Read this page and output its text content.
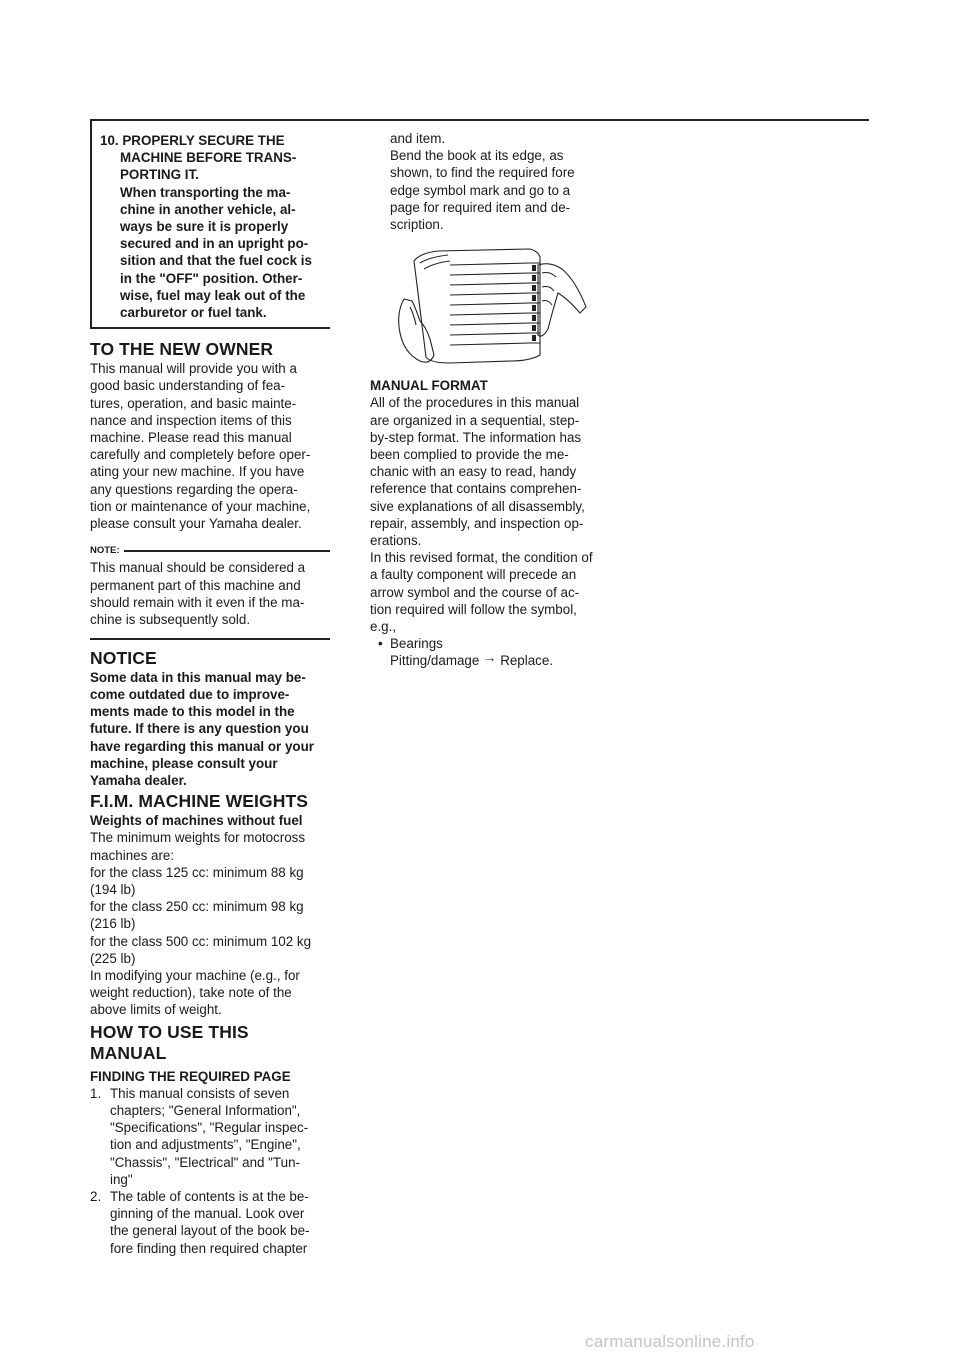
10. PROPERLY SECURE THE
MACHINE BEFORE TRANS-
PORTING IT.
When transporting the ma-
chine in another vehicle, al-
ways be sure it is properly
secured and in an upright po-
sition and that the fuel cock is
in the "OFF" position. Other-
wise, fuel may leak out of the
carburetor or fuel tank.
TO THE NEW OWNER

This manual will provide you with a

good basic understanding of fea-

tures, operation, and basic mainte-

nance and inspection items of this

machine. Please read this manual

carefully and completely before oper-

ating your new machine. If you have

any questions regarding the opera-

tion or maintenance of your machine,

please consult your Yamaha dealer.

NOTE:

This manual should be considered a

permanent part of this machine and

should remain with it even if the ma-

chine is subsequently sold.

NOTICE

Some data in this manual may be-

come outdated due to improve-

ments made to this model in the

future. If there is any question you

have regarding this manual or your

machine, please consult your

Yamaha dealer.

F.I.M. MACHINE WEIGHTS
Weights of machines without fuel

The minimum weights for motocross

machines are:

for the class 125 cc: minimum 88 kg

(194 lb)

for the class 250 cc: minimum 98 kg

(216 lb)

for the class 500 cc: minimum 102 kg

(225 lb)

In modifying your machine (e.g., for

weight reduction), take note of the

above limits of weight.

HOW TO USE THIS MANUAL
FINDING THE REQUIRED PAGE
1. This manual consists of seven
chapters; "General Information",
"Specifications", "Regular inspec-
tion and adjustments", "Engine",
"Chassis", "Electrical" and "Tun-
ing"
2. The table of contents is at the be-
ginning of the manual. Look over
the general layout of the book be-
fore finding then required chapter
and item.
Bend the book at its edge, as
shown, to find the required fore
edge symbol mark and go to a
page for required item and de-
scription.
MANUAL FORMAT

All of the procedures in this manual

are organized in a sequential, step-

by-step format. The information has

been complied to provide the me-

chanic with an easy to read, handy

reference that contains comprehen-

sive explanations of all disassembly,

repair, assembly, and inspection op-

erations.

In this revised format, the condition of

a faulty component will precede an

arrow symbol and the course of ac-

tion required will follow the symbol,

e.g.,

• Bearings
Pitting/damage → Replace.
carmanualsonline.info
